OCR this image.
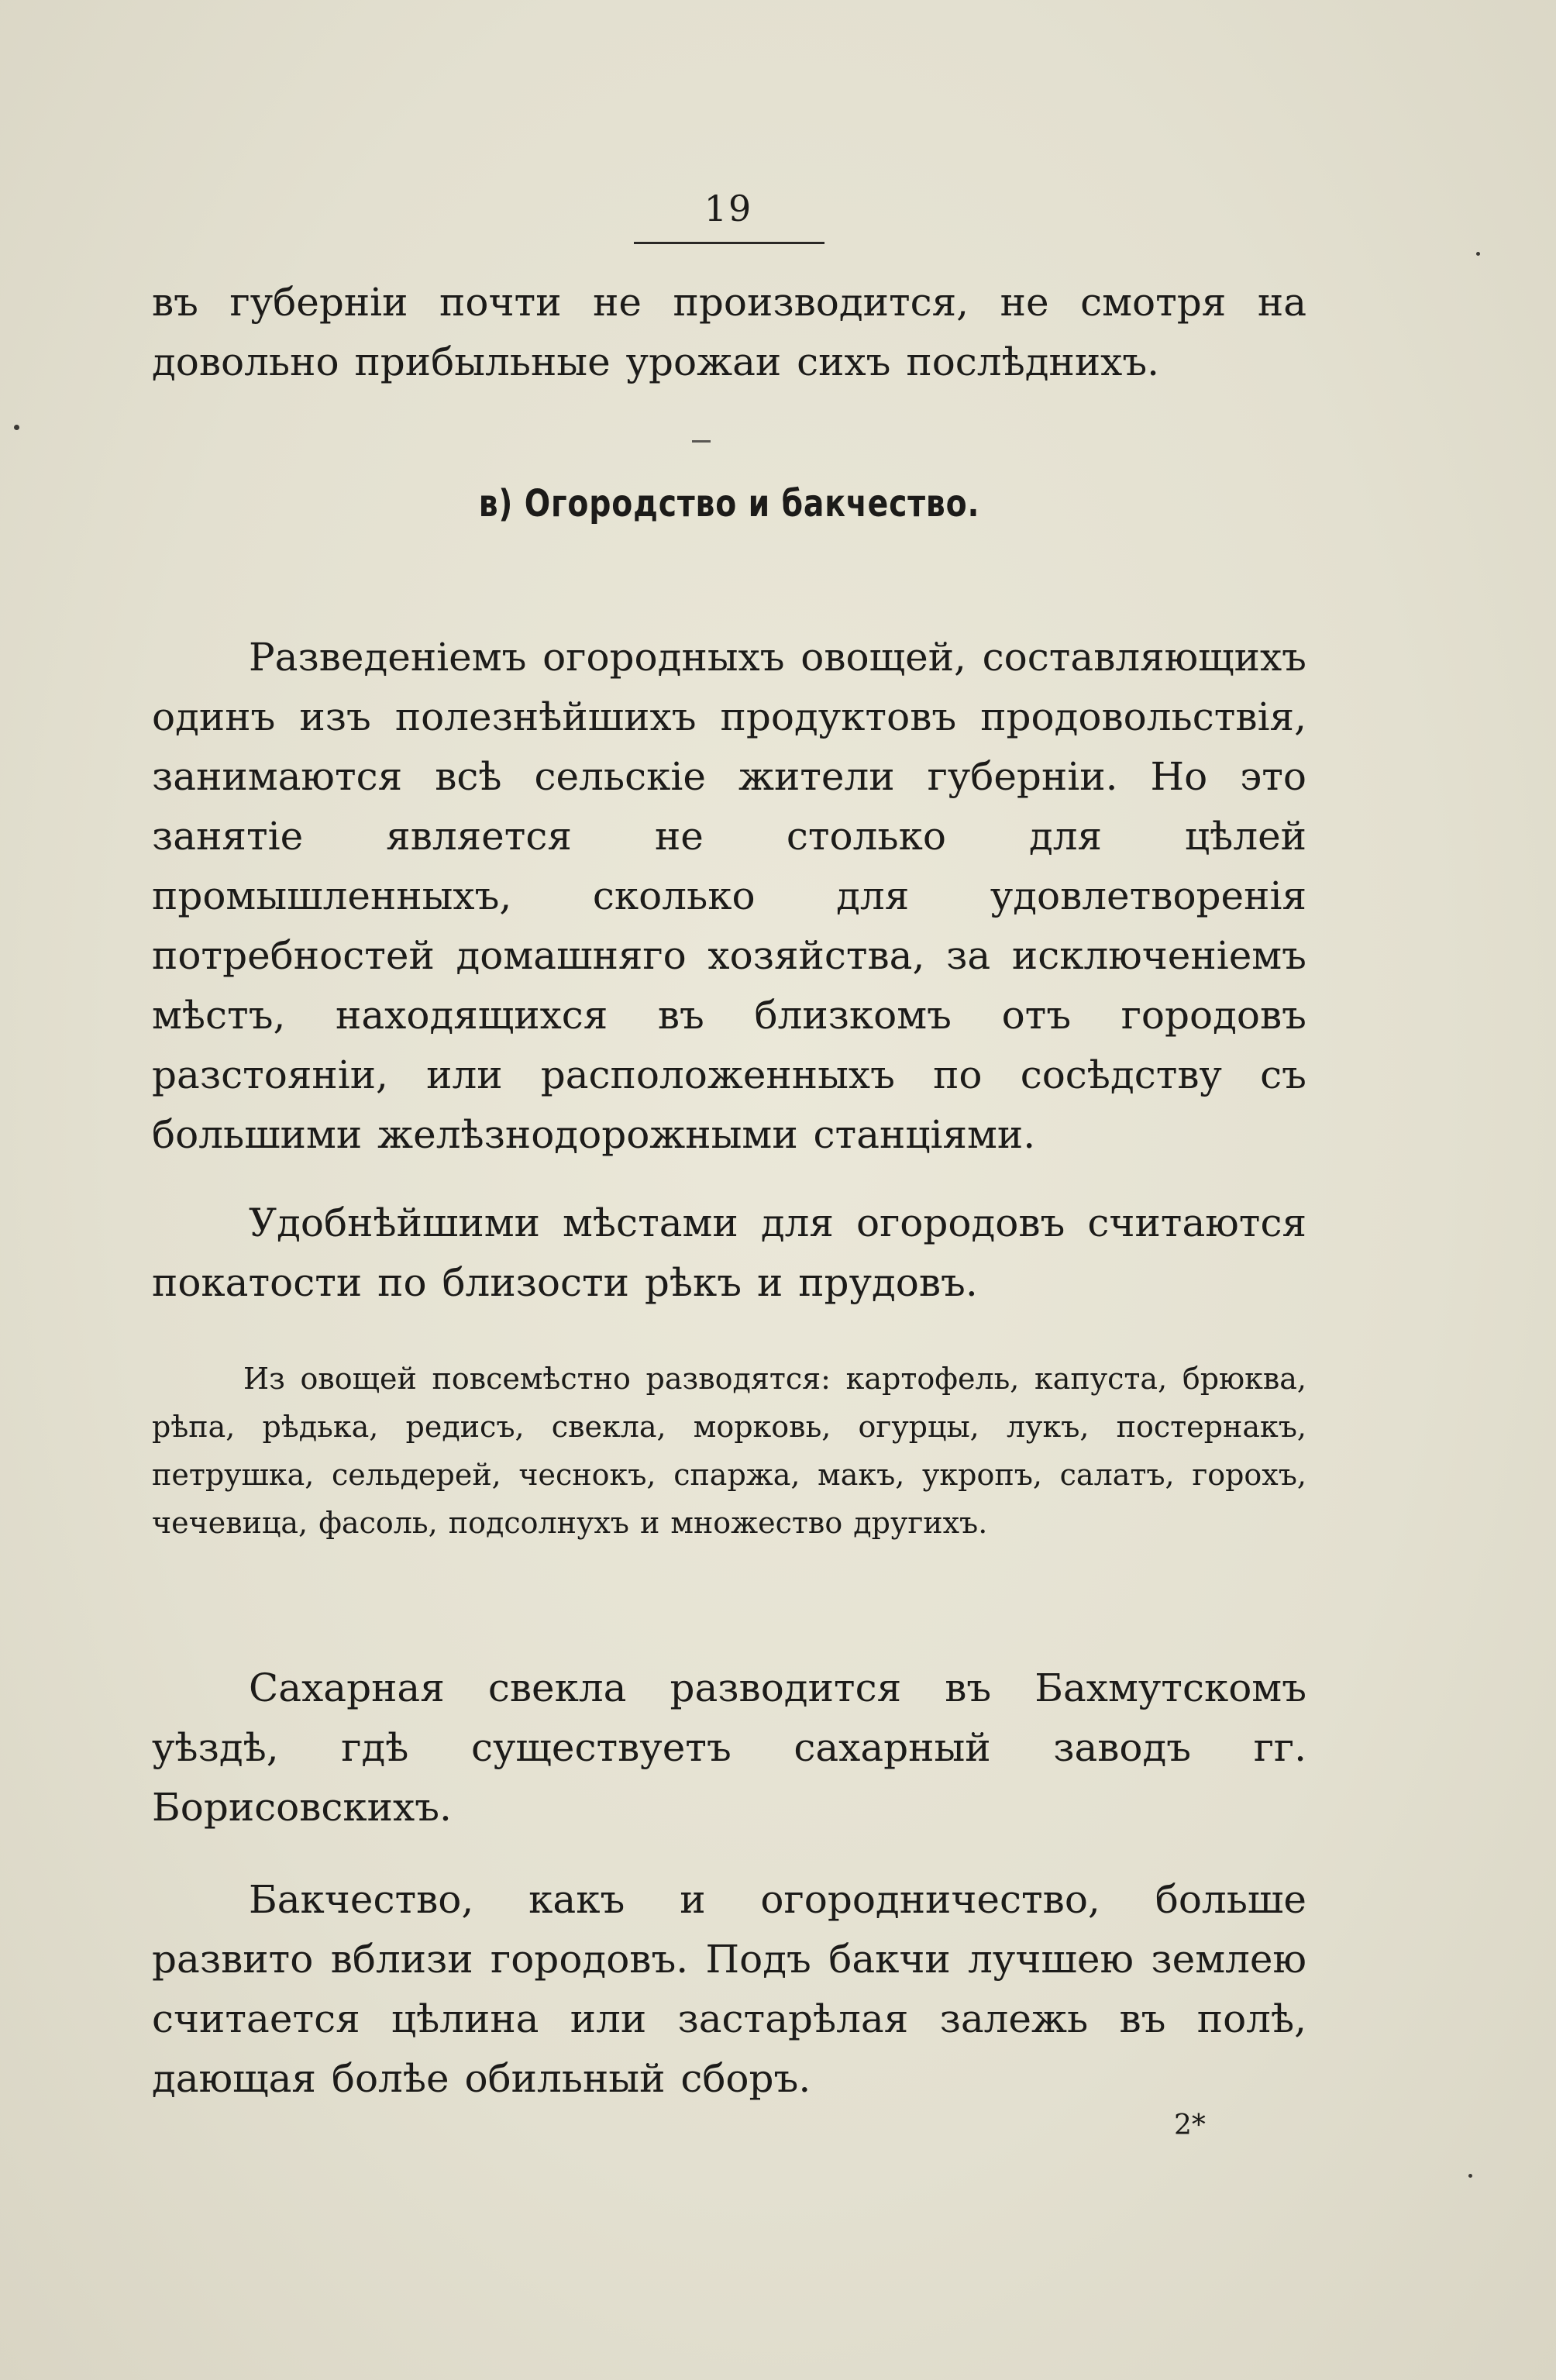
19
въ губерніи почти не производится, не смотря на довольно прибыльные урожаи сихъ послѣднихъ.
в) Огородство и бакчество.
Разведеніемъ огородныхъ овощей, составляющихъ одинъ изъ полезнѣйшихъ продуктовъ продовольствія, занимаются всѣ сельскіе жители губерніи. Но это занятіе является не столько для цѣлей промышленныхъ, сколько для удовлетворенія потребностей домашняго хозяйства, за исключеніемъ мѣстъ, находящихся въ близкомъ отъ городовъ разстояніи, или расположенныхъ по сосѣдству съ большими желѣзнодорожными станціями.
Удобнѣйшими мѣстами для огородовъ считаются покатости по близости рѣкъ и прудовъ.
Из овощей повсемѣстно разводятся: картофель, капуста, брюква, рѣпа, рѣдька, редисъ, свекла, морковь, огурцы, лукъ, постернакъ, петрушка, сельдерей, чеснокъ, спаржа, макъ, укропъ, салатъ, горохъ, чечевица, фасоль, подсолнухъ и множество другихъ.
Сахарная свекла разводится въ Бахмутскомъ уѣздѣ, гдѣ существуетъ сахарный заводъ гг. Борисовскихъ.
Бакчество, какъ и огородничество, больше развито вблизи городовъ. Подъ бакчи лучшею землею считается цѣлина или застарѣлая залежь въ полѣ, дающая болѣе обильный сборъ.
2*
